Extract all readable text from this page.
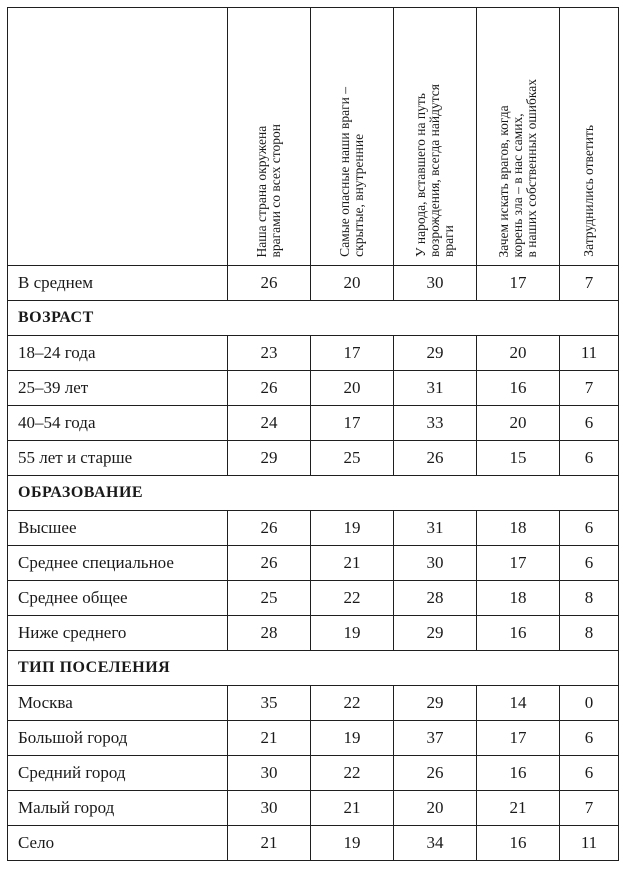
	Наша страна окружена
врагами со всех сторон	Самые опасные наши враги –
скрытые, внутренние	У народа, вставшего на путь
возрождения, всегда найдутся
враги	Зачем искать врагов, когда
корень зла – в нас самих,
в наших собственных ошибках	Затруднились ответить

В среднем	26	20	30	17	7
ВОЗРАСТ					
18–24 года	23	17	29	20	11
25–39 лет	26	20	31	16	7
40–54 года	24	17	33	20	6
55 лет и старше	29	25	26	15	6
ОБРАЗОВАНИЕ					
Высшее	26	19	31	18	6
Среднее специальное	26	21	30	17	6
Среднее общее	25	22	28	18	8
Ниже среднего	28	19	29	16	8
ТИП ПОСЕЛЕНИЯ					
Москва	35	22	29	14	0
Большой город	21	19	37	17	6
Средний город	30	22	26	16	6
Малый город	30	21	20	21	7
Село	21	19	34	16	11
